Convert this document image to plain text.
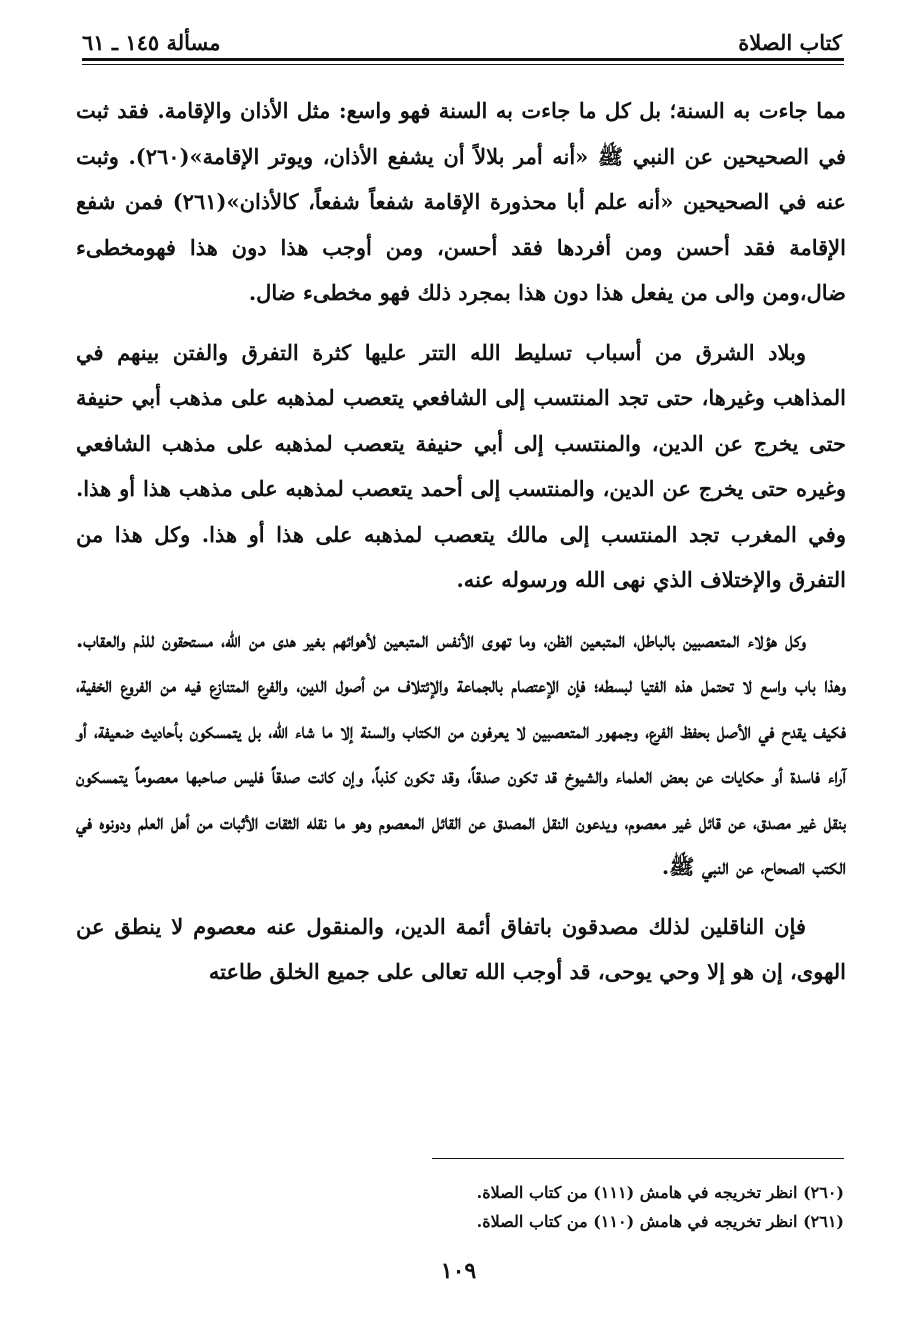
مسألة ١٤٥ ـ ٦١	كتاب الصلاة

مما جاءت به السنة؛ بل كل ما جاءت به السنة فهو واسع: مثل الأذان والإقامة. فقد ثبت في الصحيحين عن النبي ﷺ «أنه أمر بلالاً أن يشفع الأذان، ويوتر الإقامة»(٢٦٠). وثبت عنه في الصحيحين «أنه علم أبا محذورة الإقامة شفعاً شفعاً، كالأذان»(٢٦١) فمن شفع الإقامة فقد أحسن ومن أفردها فقد أحسن، ومن أوجب هذا دون هذا فهومخطىء ضال،ومن والى من يفعل هذا دون هذا بمجرد ذلك فهو مخطىء ضال.

وبلاد الشرق من أسباب تسليط الله التتر عليها كثرة التفرق والفتن بينهم في المذاهب وغيرها، حتى تجد المنتسب إلى الشافعي يتعصب لمذهبه على مذهب أبي حنيفة حتى يخرج عن الدين، والمنتسب إلى أبي حنيفة يتعصب لمذهبه على مذهب الشافعي وغيره حتى يخرج عن الدين، والمنتسب إلى أحمد يتعصب لمذهبه على مذهب هذا أو هذا. وفي المغرب تجد المنتسب إلى مالك يتعصب لمذهبه على هذا أو هذا. وكل هذا من التفرق والإختلاف الذي نهى الله ورسوله عنه.

وكل هؤلاء المتعصبين بالباطل، المتبعين الظن، وما تهوى الأنفس المتبعين لأهوائهم بغير هدى من الله، مستحقون للذم والعقاب. وهذا باب واسع لا تحتمل هذه الفتيا لبسطه؛ فإن الإعتصام بالجماعة والإئتلاف من أصول الدين، والفرع المتنازع فيه من الفروع الخفية، فكيف يقدح في الأصل بحفظ الفرع، وجمهور المتعصبين لا يعرفون من الكتاب والسنة إلا ما شاء الله، بل يتمسكون بأحاديث ضعيفة، أو آراء فاسدة أو حكايات عن بعض العلماء والشيوخ قد تكون صدقاً، وقد تكون كذباً، وإن كانت صدقاً فليس صاحبها معصوماً يتمسكون بنقل غير مصدق، عن قائل غير معصوم، ويدعون النقل المصدق عن القائل المعصوم وهو ما نقله الثقات الأثبات من أهل العلم ودونوه في الكتب الصحاح، عن النبي ﷺ.

فإن الناقلين لذلك مصدقون باتفاق أئمة الدين، والمنقول عنه معصوم لا ينطق عن الهوى، إن هو إلا وحي يوحى، قد أوجب الله تعالى على جميع الخلق طاعته

(٢٦٠) انظر تخريجه في هامش (١١١) من كتاب الصلاة.
(٢٦١) انظر تخريجه في هامش (١١٠) من كتاب الصلاة.
١٠٩
